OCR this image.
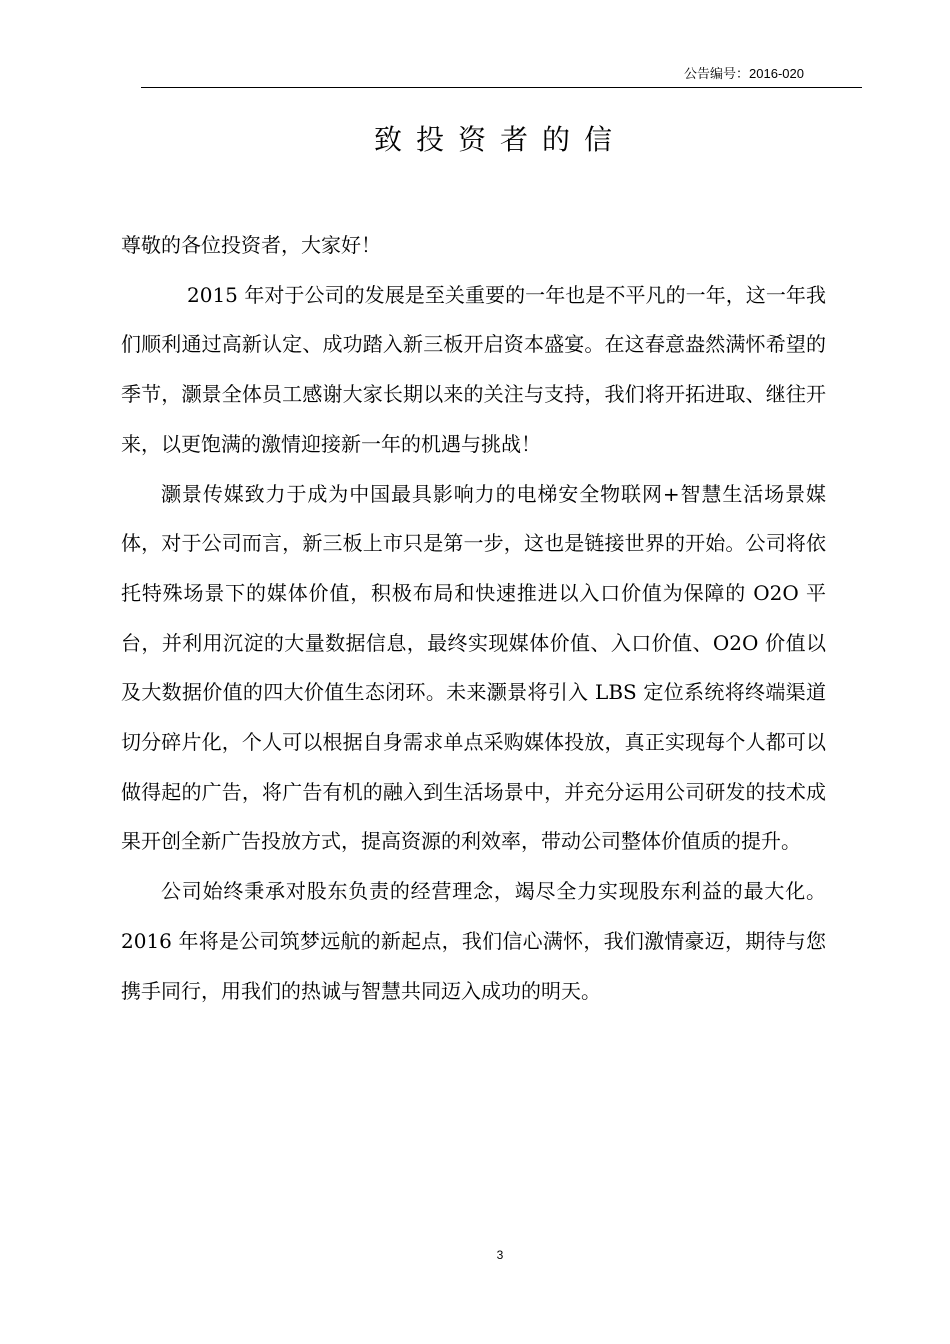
公告编号：2016-020
致投资者的信

尊敬的各位投资者，大家好！

2015 年对于公司的发展是至关重要的一年也是不平凡的一年，这一年我们顺利通过高新认定、成功踏入新三板开启资本盛宴。在这春意盎然满怀希望的季节，灏景全体员工感谢大家长期以来的关注与支持，我们将开拓进取、继往开来，以更饱满的激情迎接新一年的机遇与挑战！

灏景传媒致力于成为中国最具影响力的电梯安全物联网+智慧生活场景媒体，对于公司而言，新三板上市只是第一步，这也是链接世界的开始。公司将依托特殊场景下的媒体价值，积极布局和快速推进以入口价值为保障的 O2O 平台，并利用沉淀的大量数据信息，最终实现媒体价值、入口价值、O2O 价值以及大数据价值的四大价值生态闭环。未来灏景将引入 LBS 定位系统将终端渠道切分碎片化，个人可以根据自身需求单点采购媒体投放，真正实现每个人都可以做得起的广告，将广告有机的融入到生活场景中，并充分运用公司研发的技术成果开创全新广告投放方式，提高资源的利效率，带动公司整体价值质的提升。

公司始终秉承对股东负责的经营理念，竭尽全力实现股东利益的最大化。2016 年将是公司筑梦远航的新起点，我们信心满怀，我们激情豪迈，期待与您携手同行，用我们的热诚与智慧共同迈入成功的明天。

3
